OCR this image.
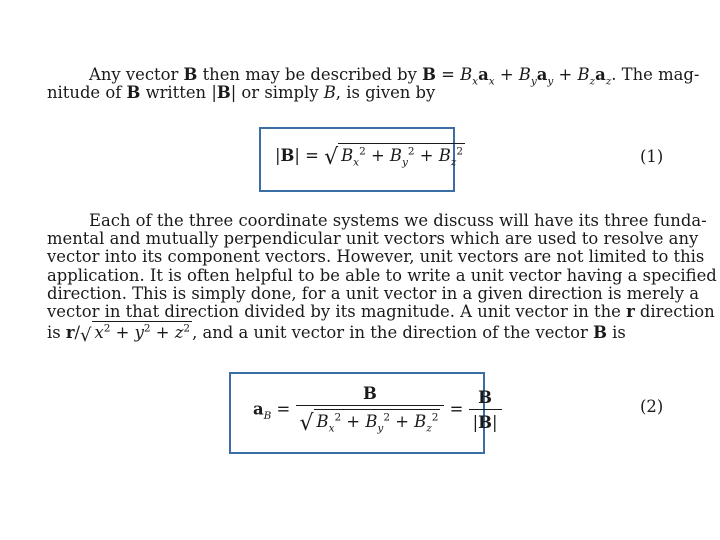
Any vector B then may be described by $B = B_xa_x + B_ya_y + B_za_z$. The mag-
nitude of B written |B| or simply B, is given by
|B| = √ $B_x^2 + B_y^2 + B_z^2$	(1)
Each of the three coordinate systems we discuss will have its three funda-
mental and mutually perpendicular unit vectors which are used to resolve any
vector into its component vectors. However, unit vectors are not limited to this
application. It is often helpful to be able to write a unit vector having a specified
direction. This is simply done, for a unit vector in a given direction is merely a
vector in that direction divided by its magnitude. A unit vector in the r direction
is r/√ $x^2 + y^2 + z^2$ , and a unit vector in the direction of the vector B is
$a_B = \frac{B}{√ B_x^2 + B_y^2 + B_z^2} = \frac{B}{|B|}$	(2)
